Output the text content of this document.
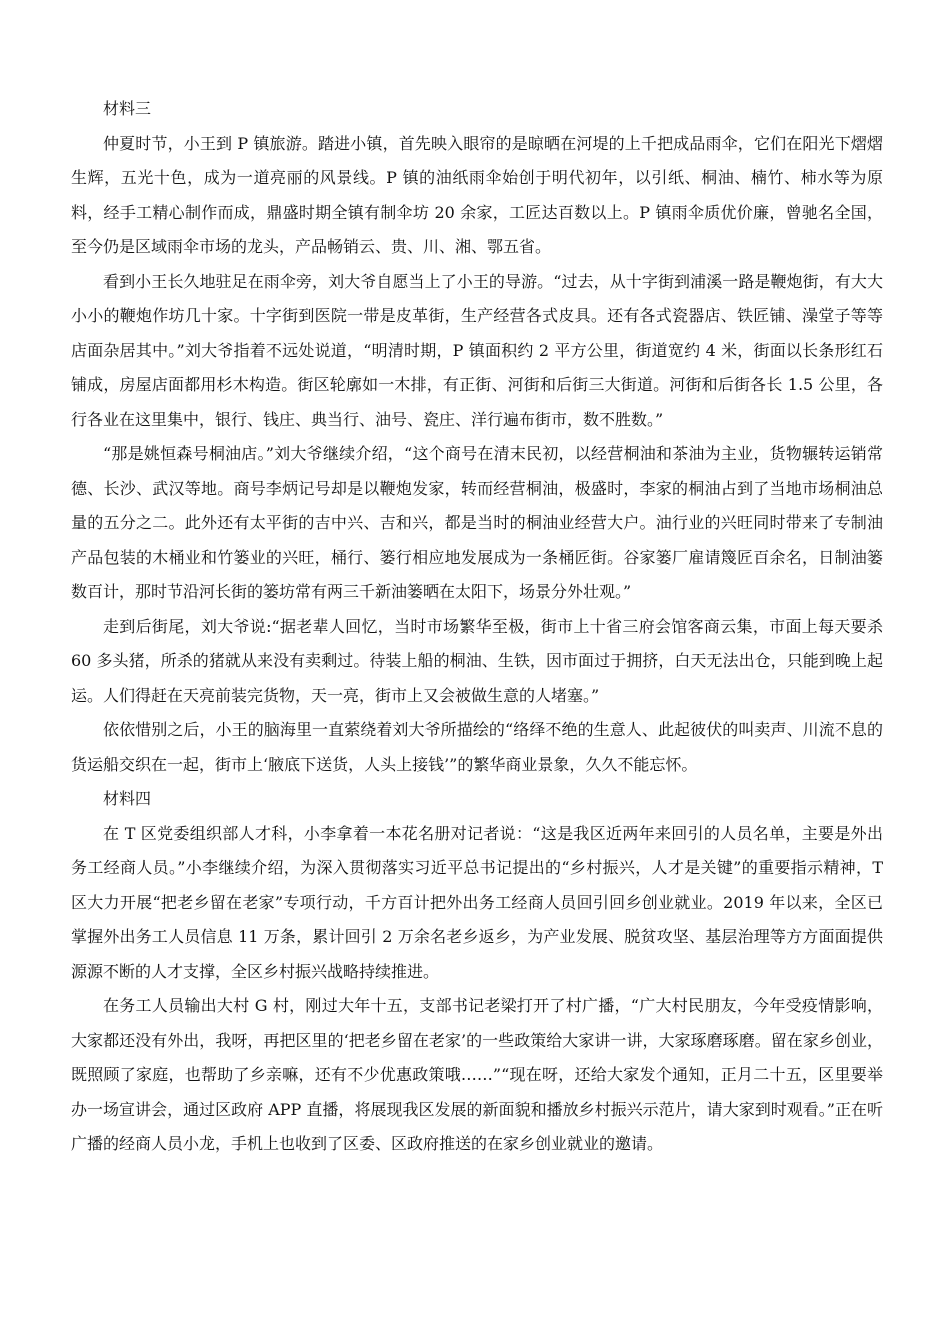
材料三

仲夏时节，小王到 P 镇旅游。踏进小镇，首先映入眼帘的是晾晒在河堤的上千把成品雨伞，它们在阳光下熠熠生辉，五光十色，成为一道亮丽的风景线。P 镇的油纸雨伞始创于明代初年，以引纸、桐油、楠竹、柿水等为原料，经手工精心制作而成，鼎盛时期全镇有制伞坊 20 余家，工匠达百数以上。P 镇雨伞质优价廉，曾驰名全国，至今仍是区域雨伞市场的龙头，产品畅销云、贵、川、湘、鄂五省。

看到小王长久地驻足在雨伞旁，刘大爷自愿当上了小王的导游。“过去，从十字街到浦溪一路是鞭炮街，有大大小小的鞭炮作坊几十家。十字街到医院一带是皮革街，生产经营各式皮具。还有各式瓷器店、铁匠铺、澡堂子等等店面杂居其中。”刘大爷指着不远处说道，“明清时期，P 镇面积约 2 平方公里，街道宽约 4 米，街面以长条形红石铺成，房屋店面都用杉木构造。街区轮廓如一木排，有正街、河街和后街三大街道。河街和后街各长 1.5 公里，各行各业在这里集中，银行、钱庄、典当行、油号、瓷庄、洋行遍布街市，数不胜数。”

“那是姚恒森号桐油店。”刘大爷继续介绍，“这个商号在清末民初，以经营桐油和茶油为主业，货物辗转运销常德、长沙、武汉等地。商号李炳记号却是以鞭炮发家，转而经营桐油，极盛时，李家的桐油占到了当地市场桐油总量的五分之二。此外还有太平街的吉中兴、吉和兴，都是当时的桐油业经营大户。油行业的兴旺同时带来了专制油产品包装的木桶业和竹篓业的兴旺，桶行、篓行相应地发展成为一条桶匠街。谷家篓厂雇请篾匠百余名，日制油篓数百计，那时节沿河长街的篓坊常有两三千新油篓晒在太阳下，场景分外壮观。”

走到后街尾，刘大爷说:“据老辈人回忆，当时市场繁华至极，街市上十省三府会馆客商云集，市面上每天要杀 60 多头猪，所杀的猪就从来没有卖剩过。待装上船的桐油、生铁，因市面过于拥挤，白天无法出仓，只能到晚上起运。人们得赶在天亮前装完货物，天一亮，街市上又会被做生意的人堵塞。”

依依惜别之后，小王的脑海里一直萦绕着刘大爷所描绘的“络绎不绝的生意人、此起彼伏的叫卖声、川流不息的货运船交织在一起，街市上‘腋底下送货，人头上接钱’”的繁华商业景象，久久不能忘怀。

材料四

在 T 区党委组织部人才科，小李拿着一本花名册对记者说：“这是我区近两年来回引的人员名单，主要是外出务工经商人员。”小李继续介绍，为深入贯彻落实习近平总书记提出的“乡村振兴，人才是关键”的重要指示精神，T 区大力开展“把老乡留在老家”专项行动，千方百计把外出务工经商人员回引回乡创业就业。2019 年以来，全区已掌握外出务工人员信息 11 万条，累计回引 2 万余名老乡返乡，为产业发展、脱贫攻坚、基层治理等方方面面提供源源不断的人才支撑，全区乡村振兴战略持续推进。

在务工人员输出大村 G 村，刚过大年十五，支部书记老梁打开了村广播，“广大村民朋友，今年受疫情影响，大家都还没有外出，我呀，再把区里的‘把老乡留在老家’的一些政策给大家讲一讲，大家琢磨琢磨。留在家乡创业，既照顾了家庭，也帮助了乡亲嘛，还有不少优惠政策哦……”“现在呀，还给大家发个通知，正月二十五，区里要举办一场宣讲会，通过区政府 APP 直播，将展现我区发展的新面貌和播放乡村振兴示范片，请大家到时观看。”正在听广播的经商人员小龙，手机上也收到了区委、区政府推送的在家乡创业就业的邀请。
